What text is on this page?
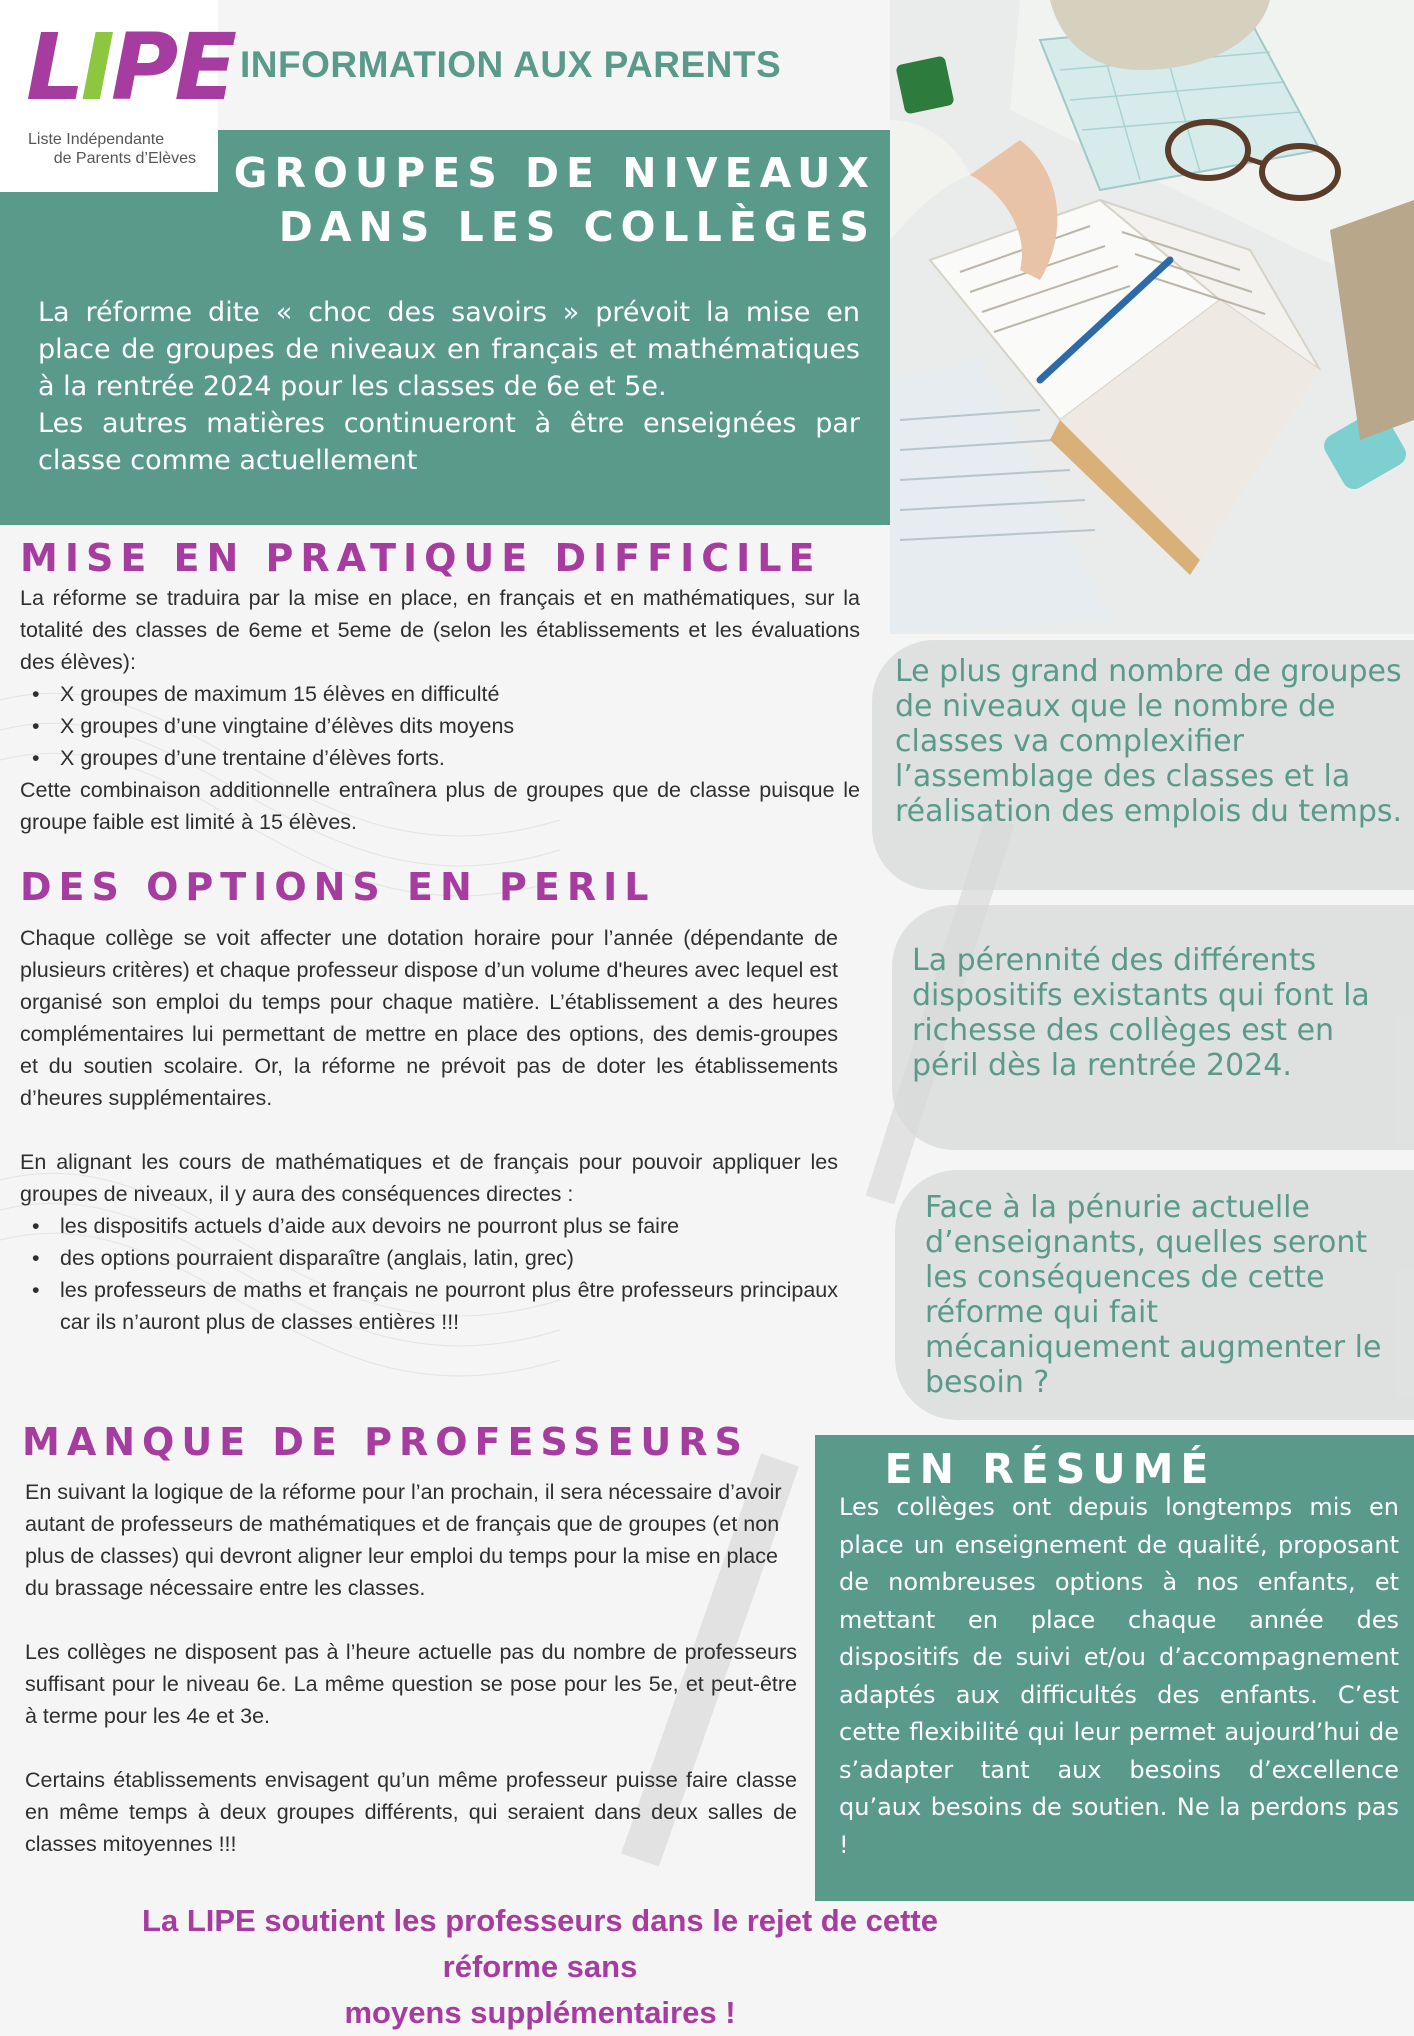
LIPE
Liste Indépendante
de Parents d’Elèves
INFORMATION AUX PARENTS
GROUPES DE NIVEAUX
DANS LES COLLÈGES

La réforme dite « choc des savoirs » prévoit la mise en place de groupes de niveaux en français et mathématiques à la rentrée 2024 pour les classes de 6e et 5e.

Les autres matières continueront à être enseignées par classe comme actuellement

MISE EN PRATIQUE DIFFICILE

La réforme se traduira par la mise en place, en français et en mathématiques, sur la totalité des classes de 6eme et 5eme de (selon les établissements et les évaluations des élèves):

• X groupes de maximum 15 élèves en difficulté
• X groupes d’une vingtaine d’élèves dits moyens
• X groupes d’une trentaine d’élèves forts.

Cette combinaison additionnelle entraînera plus de groupes que de classe puisque le groupe faible est limité à 15 élèves.

DES OPTIONS EN PERIL

Chaque collège se voit affecter une dotation horaire pour l’année (dépendante de plusieurs critères) et chaque professeur dispose d’un volume d'heures avec lequel est organisé son emploi du temps pour chaque matière. L’établissement a des heures complémentaires lui permettant de mettre en place des options, des demis-groupes et du soutien scolaire. Or, la réforme ne prévoit pas de doter les établissements d’heures supplémentaires.

En alignant les cours de mathématiques et de français pour pouvoir appliquer les groupes de niveaux, il y aura des conséquences directes :

• les dispositifs actuels d’aide aux devoirs ne pourront plus se faire
• des options pourraient disparaître (anglais, latin, grec)
• les professeurs de maths et français ne pourront plus être professeurs principaux car ils n’auront plus de classes entières !!!
MANQUE DE PROFESSEURS

En suivant la logique de la réforme pour l’an prochain, il sera nécessaire d’avoir autant de professeurs de mathématiques et de français que de groupes (et non plus de classes) qui devront aligner leur emploi du temps pour la mise en place du brassage nécessaire entre les classes.

Les collèges ne disposent pas à l’heure actuelle pas du nombre de professeurs suffisant pour le niveau 6e. La même question se pose pour les 5e, et peut-être à terme pour les 4e et 3e.

Certains établissements envisagent qu’un même professeur puisse faire classe en même temps à deux groupes différents, qui seraient dans deux salles de classes mitoyennes !!!

Le plus grand nombre de groupes de niveaux que le nombre de classes va complexifier l’assemblage des classes et la réalisation des emplois du temps.
La pérennité des différents dispositifs existants qui font la richesse des collèges est en péril dès la rentrée 2024.
Face à la pénurie actuelle d’enseignants, quelles seront les conséquences de cette réforme qui fait mécaniquement augmenter le besoin ?
EN RÉSUMÉ
Les collèges ont depuis longtemps mis en place un enseignement de qualité, proposant de nombreuses options à nos enfants, et mettant en place chaque année des dispositifs de suivi et/ou d’accompagnement adaptés aux difficultés des enfants. C’est cette flexibilité qui leur permet aujourd’hui de s’adapter tant aux besoins d’excellence qu’aux besoins de soutien. Ne la perdons pas !
La LIPE soutient les professeurs dans le rejet de cette réforme sans
moyens supplémentaires !
